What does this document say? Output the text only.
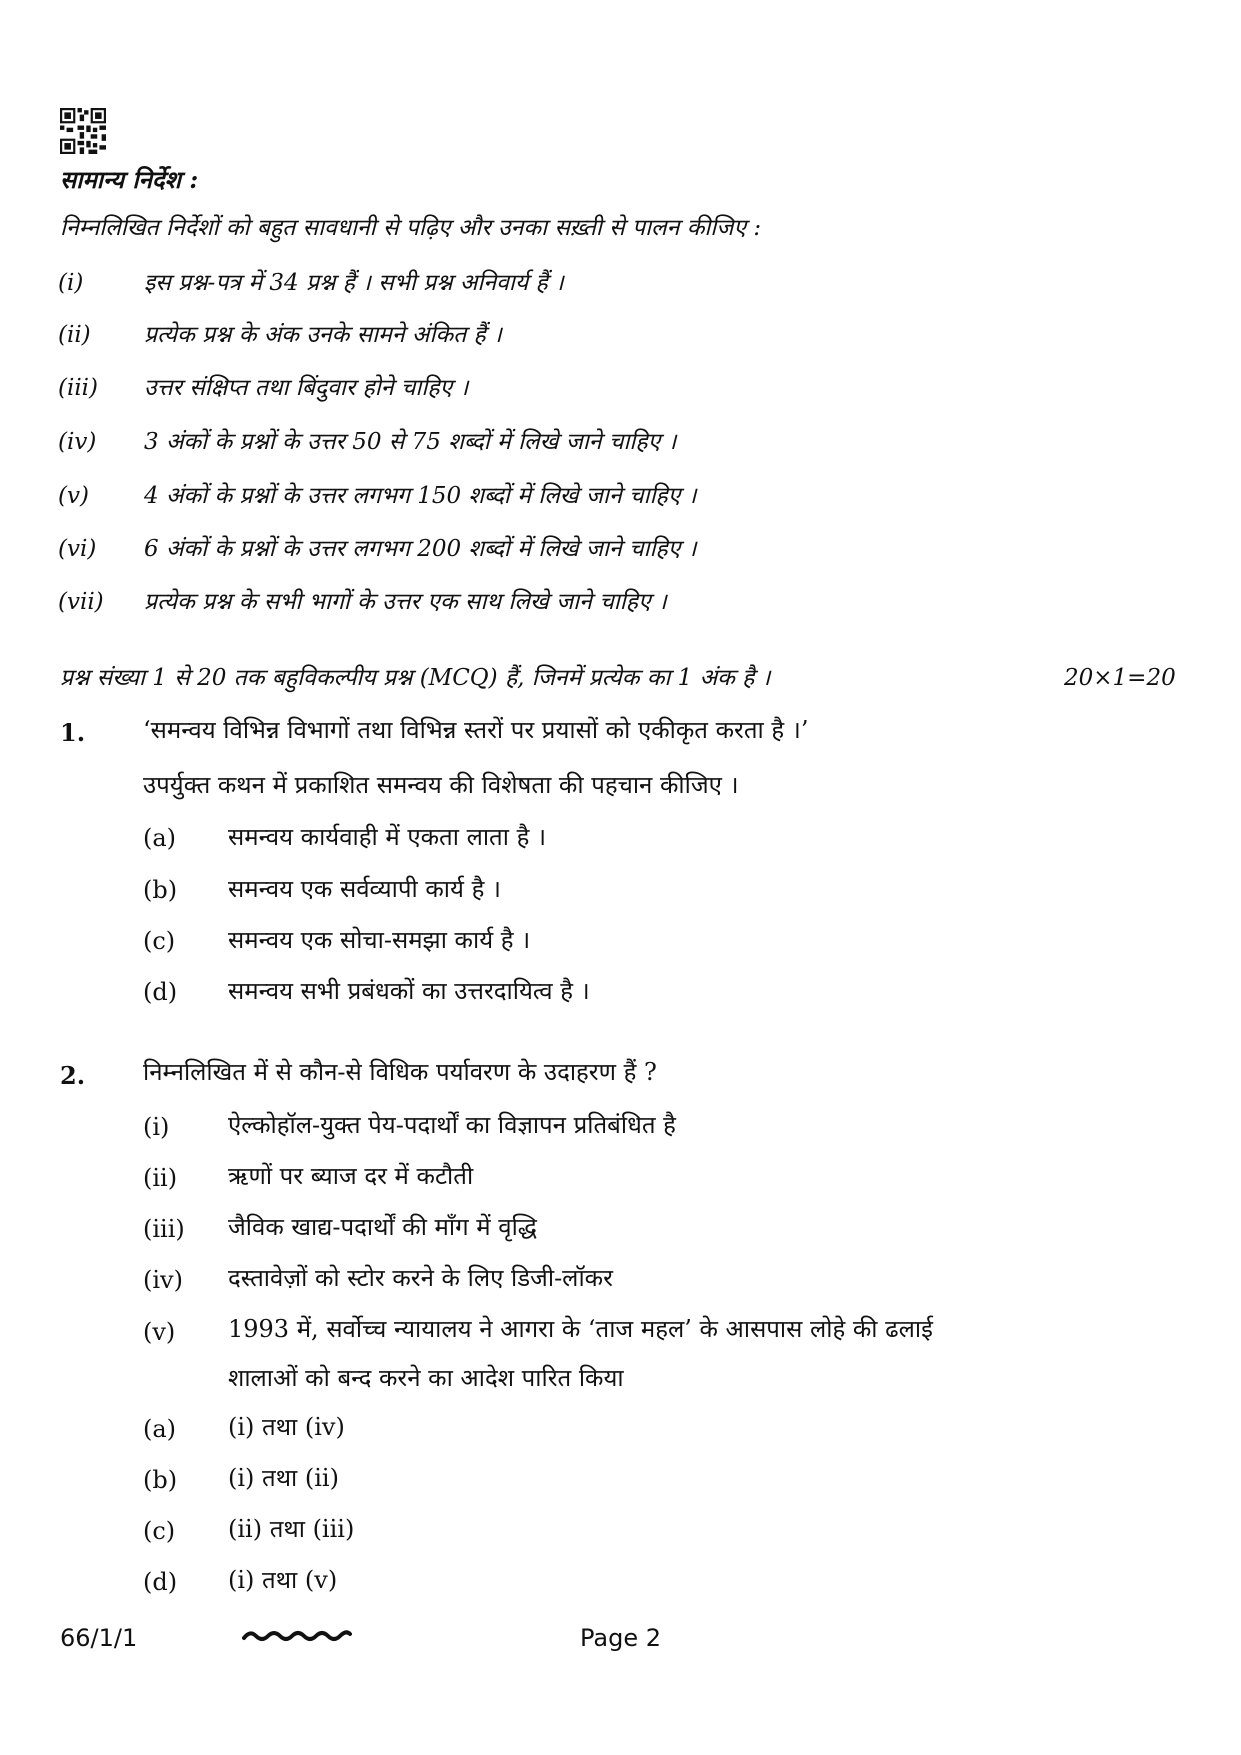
सामान्य निर्देश :
निम्नलिखित निर्देशों को बहुत सावधानी से पढ़िए और उनका सख़्ती से पालन कीजिए :
(i)	इस प्रश्न-पत्र में 34 प्रश्न हैं । सभी प्रश्न अनिवार्य हैं ।
(ii) प्रत्येक प्रश्न के अंक उनके सामने अंकित हैं ।
(iii) उत्तर संक्षिप्त तथा बिंदुवार होने चाहिए ।
(iv) 3 अंकों के प्रश्नों के उत्तर 50 से 75 शब्दों में लिखे जाने चाहिए ।
(v) 4 अंकों के प्रश्नों के उत्तर लगभग 150 शब्दों में लिखे जाने चाहिए ।
(vi) 6 अंकों के प्रश्नों के उत्तर लगभग 200 शब्दों में लिखे जाने चाहिए ।
(vii) प्रत्येक प्रश्न के सभी भागों के उत्तर एक साथ लिखे जाने चाहिए ।
प्रश्न संख्या 1 से 20 तक बहुविकल्पीय प्रश्न (MCQ) हैं, जिनमें प्रत्येक का 1 अंक है ।	20×1=20
1. ‘समन्वय विभिन्न विभागों तथा विभिन्न स्तरों पर प्रयासों को एकीकृत करता है ।’
उपर्युक्त कथन में प्रकाशित समन्वय की विशेषता की पहचान कीजिए ।
(a) समन्वय कार्यवाही में एकता लाता है ।
(b) समन्वय एक सर्वव्यापी कार्य है ।
(c) समन्वय एक सोचा-समझा कार्य है ।
(d) समन्वय सभी प्रबंधकों का उत्तरदायित्व है ।
2. निम्नलिखित में से कौन-से विधिक पर्यावरण के उदाहरण हैं ?
(i) ऐल्कोहॉल-युक्त पेय-पदार्थों का विज्ञापन प्रतिबंधित है
(ii) ऋणों पर ब्याज दर में कटौती
(iii) जैविक खाद्य-पदार्थों की माँग में वृद्धि
(iv) दस्तावेज़ों को स्टोर करने के लिए डिजी-लॉकर
(v) 1993 में, सर्वोच्च न्यायालय ने आगरा के ‘ताज महल’ के आसपास लोहे की ढलाई
शालाओं को बन्द करने का आदेश पारित किया
(a) (i) तथा (iv)
(b) (i) तथा (ii)
(c) (ii) तथा (iii)
(d) (i) तथा (v)
66/1/1	Page 2
